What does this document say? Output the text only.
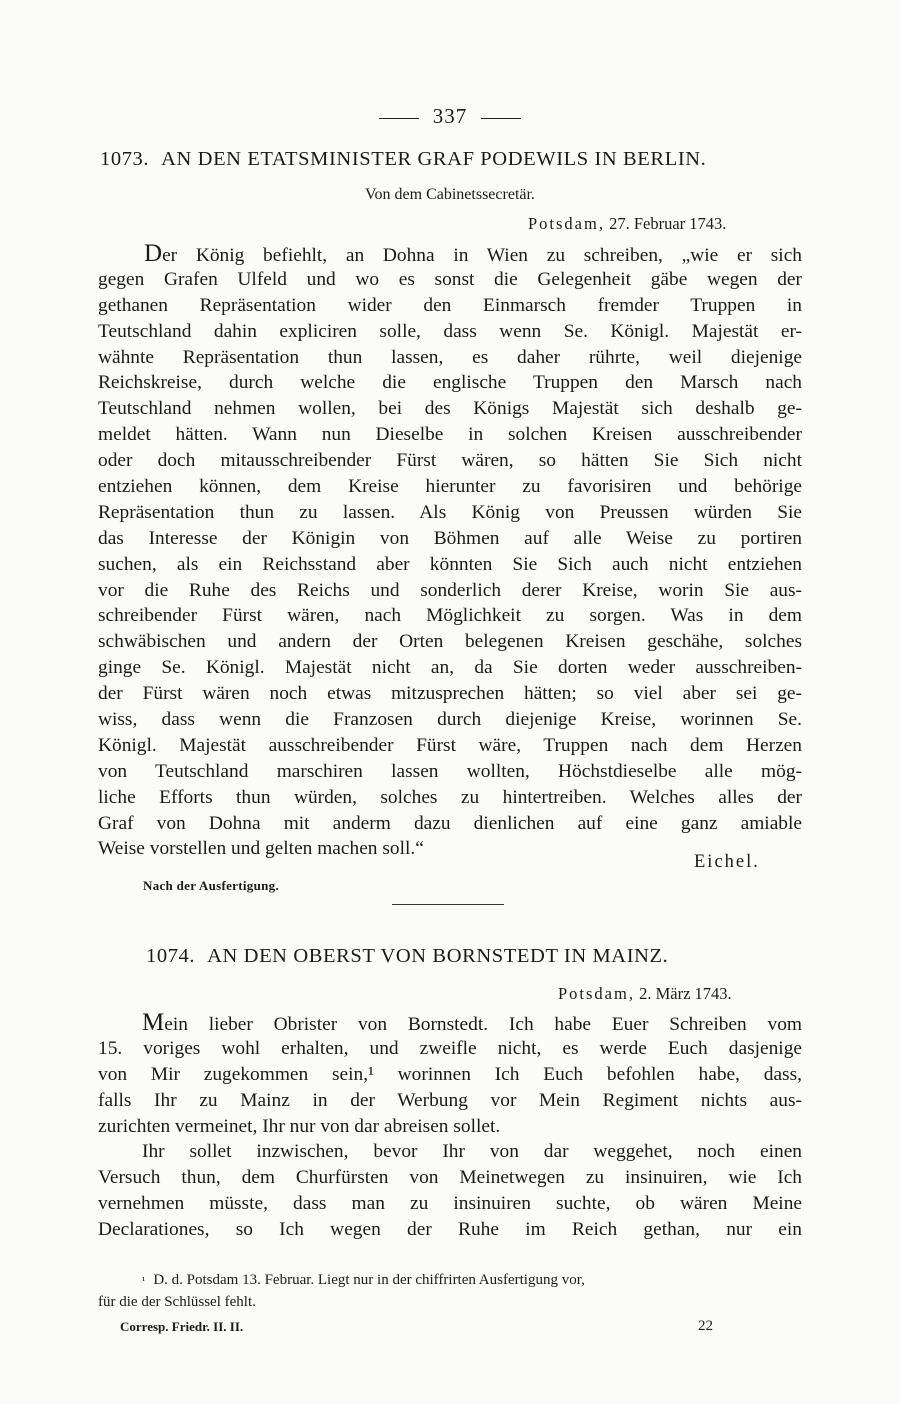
337
1073. AN DEN ETATSMINISTER GRAF PODEWILS IN BERLIN.
Von dem Cabinetssecretär.
Potsdam, 27. Februar 1743.
Der König befiehlt, an Dohna in Wien zu schreiben, „wie er sich
gegen Grafen Ulfeld und wo es sonst die Gelegenheit gäbe wegen der
gethanen Repräsentation wider den Einmarsch fremder Truppen in
Teutschland dahin expliciren solle, dass wenn Se. Königl. Majestät er-
wähnte Repräsentation thun lassen, es daher rührte, weil diejenige
Reichskreise, durch welche die englische Truppen den Marsch nach
Teutschland nehmen wollen, bei des Königs Majestät sich deshalb ge-
meldet hätten. Wann nun Dieselbe in solchen Kreisen ausschreibender
oder doch mitausschreibender Fürst wären, so hätten Sie Sich nicht
entziehen können, dem Kreise hierunter zu favorisiren und behörige
Repräsentation thun zu lassen. Als König von Preussen würden Sie
das Interesse der Königin von Böhmen auf alle Weise zu portiren
suchen, als ein Reichsstand aber könnten Sie Sich auch nicht entziehen
vor die Ruhe des Reichs und sonderlich derer Kreise, worin Sie aus-
schreibender Fürst wären, nach Möglichkeit zu sorgen. Was in dem
schwäbischen und andern der Orten belegenen Kreisen geschähe, solches
ginge Se. Königl. Majestät nicht an, da Sie dorten weder ausschreiben-
der Fürst wären noch etwas mitzusprechen hätten; so viel aber sei ge-
wiss, dass wenn die Franzosen durch diejenige Kreise, worinnen Se.
Königl. Majestät ausschreibender Fürst wäre, Truppen nach dem Herzen
von Teutschland marschiren lassen wollten, Höchstdieselbe alle mög-
liche Efforts thun würden, solches zu hintertreiben. Welches alles der
Graf von Dohna mit anderm dazu dienlichen auf eine ganz amiable
Weise vorstellen und gelten machen soll.“
Eichel.
Nach der Ausfertigung.
1074. AN DEN OBERST VON BORNSTEDT IN MAINZ.
Potsdam, 2. März 1743.
Mein lieber Obrister von Bornstedt. Ich habe Euer Schreiben vom
15. voriges wohl erhalten, und zweifle nicht, es werde Euch dasjenige
von Mir zugekommen sein,¹ worinnen Ich Euch befohlen habe, dass,
falls Ihr zu Mainz in der Werbung vor Mein Regiment nichts aus-
zurichten vermeinet, Ihr nur von dar abreisen sollet.
Ihr sollet inzwischen, bevor Ihr von dar weggehet, noch einen
Versuch thun, dem Churfürsten von Meinetwegen zu insinuiren, wie Ich
vernehmen müsste, dass man zu insinuiren suchte, ob wären Meine
Declarationes, so Ich wegen der Ruhe im Reich gethan, nur ein
¹ D. d. Potsdam 13. Februar. Liegt nur in der chiffrirten Ausfertigung vor,
für die der Schlüssel fehlt.
Corresp. Friedr. II. II.	22
